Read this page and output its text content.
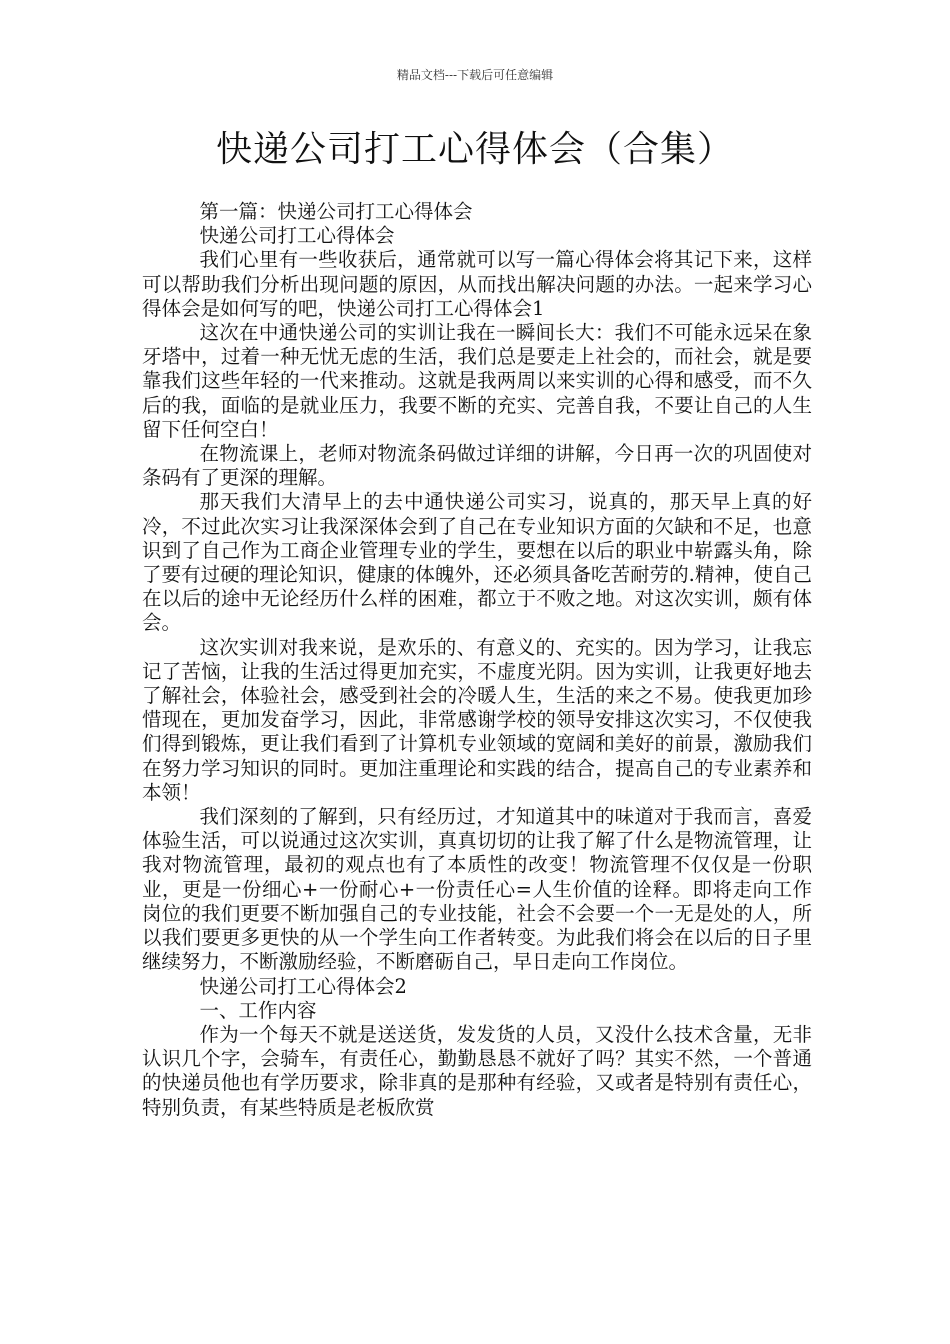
精品文档---下载后可任意编辑
快递公司打工心得体会（合集）

第一篇：快递公司打工心得体会

快递公司打工心得体会

我们心里有一些收获后，通常就可以写一篇心得体会将其记下来，这样可以帮助我们分析出现问题的原因，从而找出解决问题的办法。一起来学习心得体会是如何写的吧，快递公司打工心得体会1

这次在中通快递公司的实训让我在一瞬间长大：我们不可能永远呆在象牙塔中，过着一种无忧无虑的生活，我们总是要走上社会的，而社会，就是要靠我们这些年轻的一代来推动。这就是我两周以来实训的心得和感受，而不久后的我，面临的是就业压力，我要不断的充实、完善自我，不要让自己的人生留下任何空白！

在物流课上，老师对物流条码做过详细的讲解，今日再一次的巩固使对条码有了更深的理解。

那天我们大清早上的去中通快递公司实习，说真的，那天早上真的好冷，不过此次实习让我深深体会到了自己在专业知识方面的欠缺和不足，也意识到了自己作为工商企业管理专业的学生，要想在以后的职业中崭露头角，除了要有过硬的理论知识，健康的体魄外，还必须具备吃苦耐劳的.精神，使自己在以后的途中无论经历什么样的困难，都立于不败之地。对这次实训，颇有体会。

这次实训对我来说，是欢乐的、有意义的、充实的。因为学习，让我忘记了苦恼，让我的生活过得更加充实，不虚度光阴。因为实训，让我更好地去了解社会，体验社会，感受到社会的冷暖人生，生活的来之不易。使我更加珍惜现在，更加发奋学习，因此，非常感谢学校的领导安排这次实习，不仅使我们得到锻炼，更让我们看到了计算机专业领域的宽阔和美好的前景，激励我们在努力学习知识的同时。更加注重理论和实践的结合，提高自己的专业素养和本领！

我们深刻的了解到，只有经历过，才知道其中的味道对于我而言，喜爱体验生活，可以说通过这次实训，真真切切的让我了解了什么是物流管理，让我对物流管理，最初的观点也有了本质性的改变！物流管理不仅仅是一份职业，更是一份细心+一份耐心+一份责任心=人生价值的诠释。即将走向工作岗位的我们更要不断加强自己的专业技能，社会不会要一个一无是处的人，所以我们要更多更快的从一个学生向工作者转变。为此我们将会在以后的日子里继续努力，不断激励经验，不断磨砺自己，早日走向工作岗位。

快递公司打工心得体会2

一、工作内容

作为一个每天不就是送送货，发发货的人员，又没什么技术含量，无非认识几个字，会骑车，有责任心，勤勤恳恳不就好了吗？其实不然，一个普通的快递员他也有学历要求，除非真的是那种有经验，又或者是特别有责任心，特别负责，有某些特质是老板欣赏
